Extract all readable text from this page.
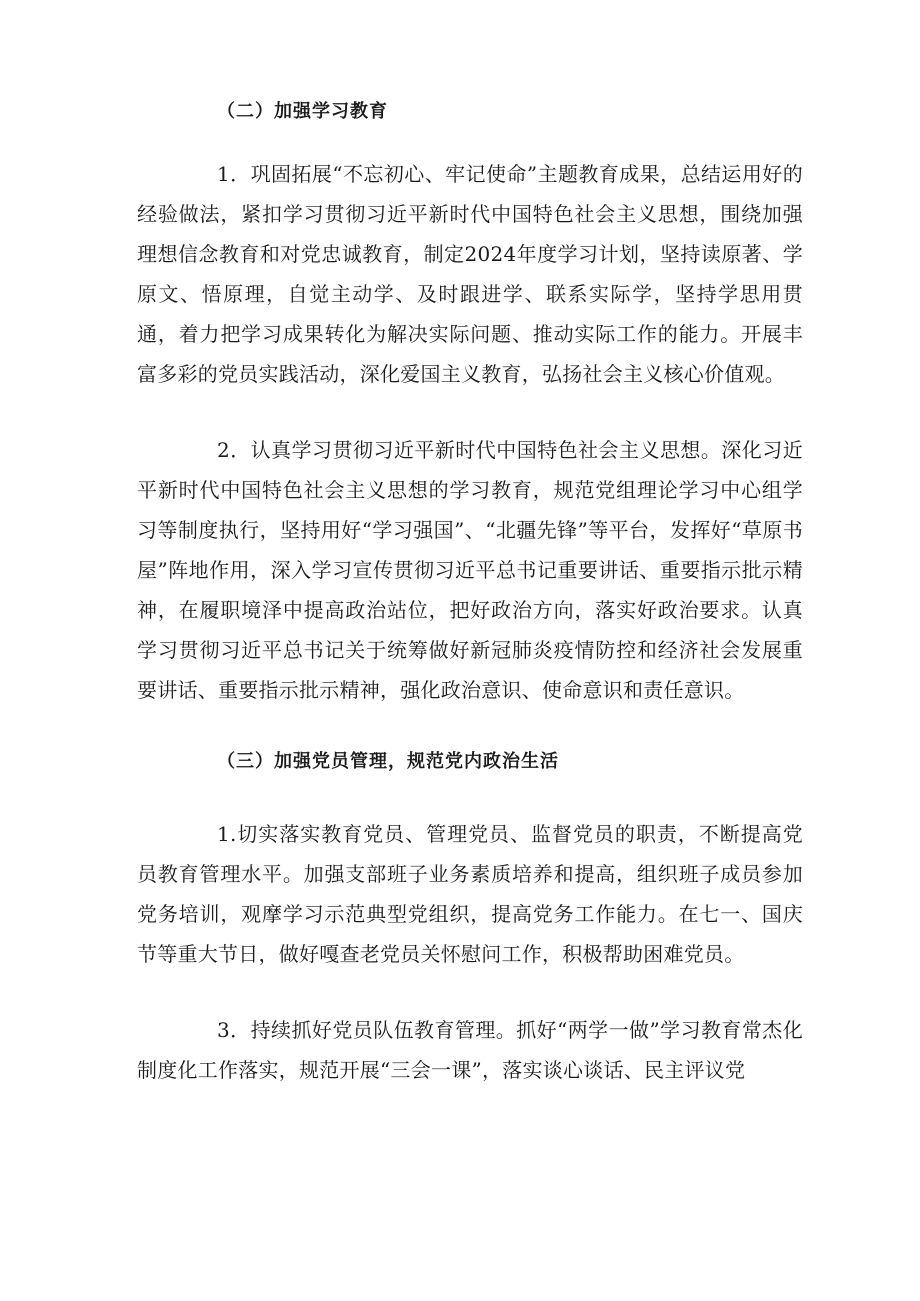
（二）加强学习教育

1．巩固拓展“不忘初心、牢记使命”主题教育成果，总结运用好的经验做法，紧扣学习贯彻习近平新时代中国特色社会主义思想，围绕加强理想信念教育和对党忠诚教育，制定2024年度学习计划，坚持读原著、学原文、悟原理，自觉主动学、及时跟进学、联系实际学，坚持学思用贯通，着力把学习成果转化为解决实际问题、推动实际工作的能力。开展丰富多彩的党员实践活动，深化爱国主义教育，弘扬社会主义核心价值观。

2．认真学习贯彻习近平新时代中国特色社会主义思想。深化习近平新时代中国特色社会主义思想的学习教育，规范党组理论学习中心组学习等制度执行，坚持用好“学习强国”、“北疆先锋”等平台，发挥好“草原书屋”阵地作用，深入学习宣传贯彻习近平总书记重要讲话、重要指示批示精神，在履职境泽中提高政治站位，把好政治方向，落实好政治要求。认真学习贯彻习近平总书记关于统筹做好新冠肺炎疫情防控和经济社会发展重要讲话、重要指示批示精神，强化政治意识、使命意识和责任意识。

（三）加强党员管理，规范党内政治生活

1.切实落实教育党员、管理党员、监督党员的职责，不断提高党员教育管理水平。加强支部班子业务素质培养和提高，组织班子成员参加党务培训，观摩学习示范典型党组织，提高党务工作能力。在七一、国庆节等重大节日，做好嘎查老党员关怀慰问工作，积极帮助困难党员。

3．持续抓好党员队伍教育管理。抓好“两学一做”学习教育常杰化制度化工作落实，规范开展“三会一课”，落实谈心谈话、民主评议党
